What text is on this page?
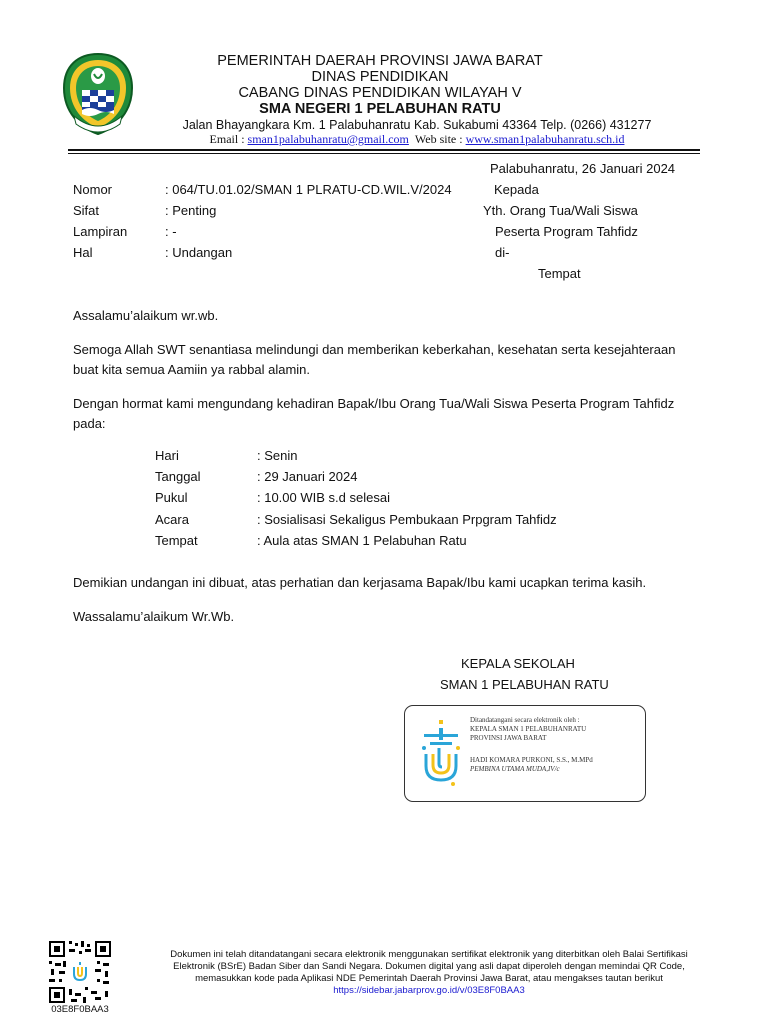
PEMERINTAH DAERAH PROVINSI JAWA BARAT
DINAS PENDIDIKAN
CABANG DINAS PENDIDIKAN WILAYAH V
SMA NEGERI 1 PELABUHAN RATU
Jalan Bhayangkara Km. 1 Palabuhanratu Kab. Sukabumi 43364 Telp. (0266) 431277
Email : sman1palabuhanratu@gmail.com Web site : www.sman1palabuhanratu.sch.id
Palabuhanratu, 26 Januari 2024
Nomor	: 064/TU.01.02/SMAN 1 PLRATU-CD.WIL.V/2024
Sifat	: Penting
Lampiran	: -
Hal	: Undangan
Kepada
Yth. Orang Tua/Wali Siswa
Peserta Program Tahfidz
di-
Tempat
Assalamu’alaikum wr.wb.
Semoga Allah SWT senantiasa melindungi dan memberikan keberkahan, kesehatan serta kesejahteraan
buat kita semua Aamiin ya rabbal alamin.
Dengan hormat kami mengundang kehadiran Bapak/Ibu Orang Tua/Wali Siswa Peserta Program Tahfidz
pada:
Hari	: Senin
Tanggal	: 29 Januari 2024
Pukul	: 10.00 WIB s.d selesai
Acara	: Sosialisasi Sekaligus Pembukaan Prpgram Tahfidz
Tempat	: Aula atas SMAN 1 Pelabuhan Ratu
Demikian undangan ini dibuat, atas perhatian dan kerjasama Bapak/Ibu kami ucapkan terima kasih.
Wassalamu’alaikum Wr.Wb.
KEPALA SEKOLAH
SMAN 1 PELABUHAN RATU
Ditandatangani secara elektronik oleh :
KEPALA SMAN 1 PELABUHANRATU
PROVINSI JAWA BARAT
HADI KOMARA PURKONI, S.S., M.MPd
PEMBINA UTAMA MUDA,IV/c
03E8F0BAA3
Dokumen ini telah ditandatangani secara elektronik menggunakan sertifikat elektronik yang diterbitkan oleh Balai Sertifikasi
Elektronik (BSrE) Badan Siber dan Sandi Negara. Dokumen digital yang asli dapat diperoleh dengan memindai QR Code,
memasukkan kode pada Aplikasi NDE Pemerintah Daerah Provinsi Jawa Barat, atau mengakses tautan berikut
https://sidebar.jabarprov.go.id/v/03E8F0BAA3
